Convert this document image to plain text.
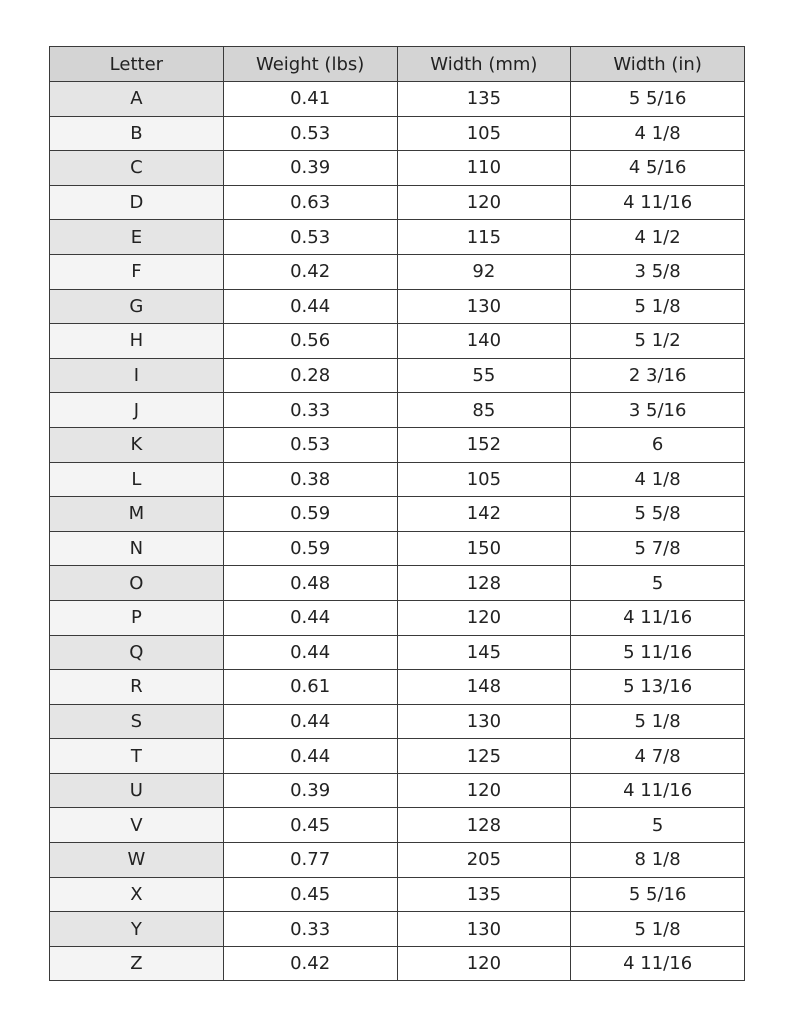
Letter	Weight (lbs)	Width (mm)	Width (in)
A	0.41	135	5 5/16
B	0.53	105	4 1/8
C	0.39	110	4 5/16
D	0.63	120	4 11/16
E	0.53	115	4 1/2
F	0.42	92	3 5/8
G	0.44	130	5 1/8
H	0.56	140	5 1/2
I	0.28	55	2 3/16
J	0.33	85	3 5/16
K	0.53	152	6
L	0.38	105	4 1/8
M	0.59	142	5 5/8
N	0.59	150	5 7/8
O	0.48	128	5
P	0.44	120	4 11/16
Q	0.44	145	5 11/16
R	0.61	148	5 13/16
S	0.44	130	5 1/8
T	0.44	125	4 7/8
U	0.39	120	4 11/16
V	0.45	128	5
W	0.77	205	8 1/8
X	0.45	135	5 5/16
Y	0.33	130	5 1/8
Z	0.42	120	4 11/16
